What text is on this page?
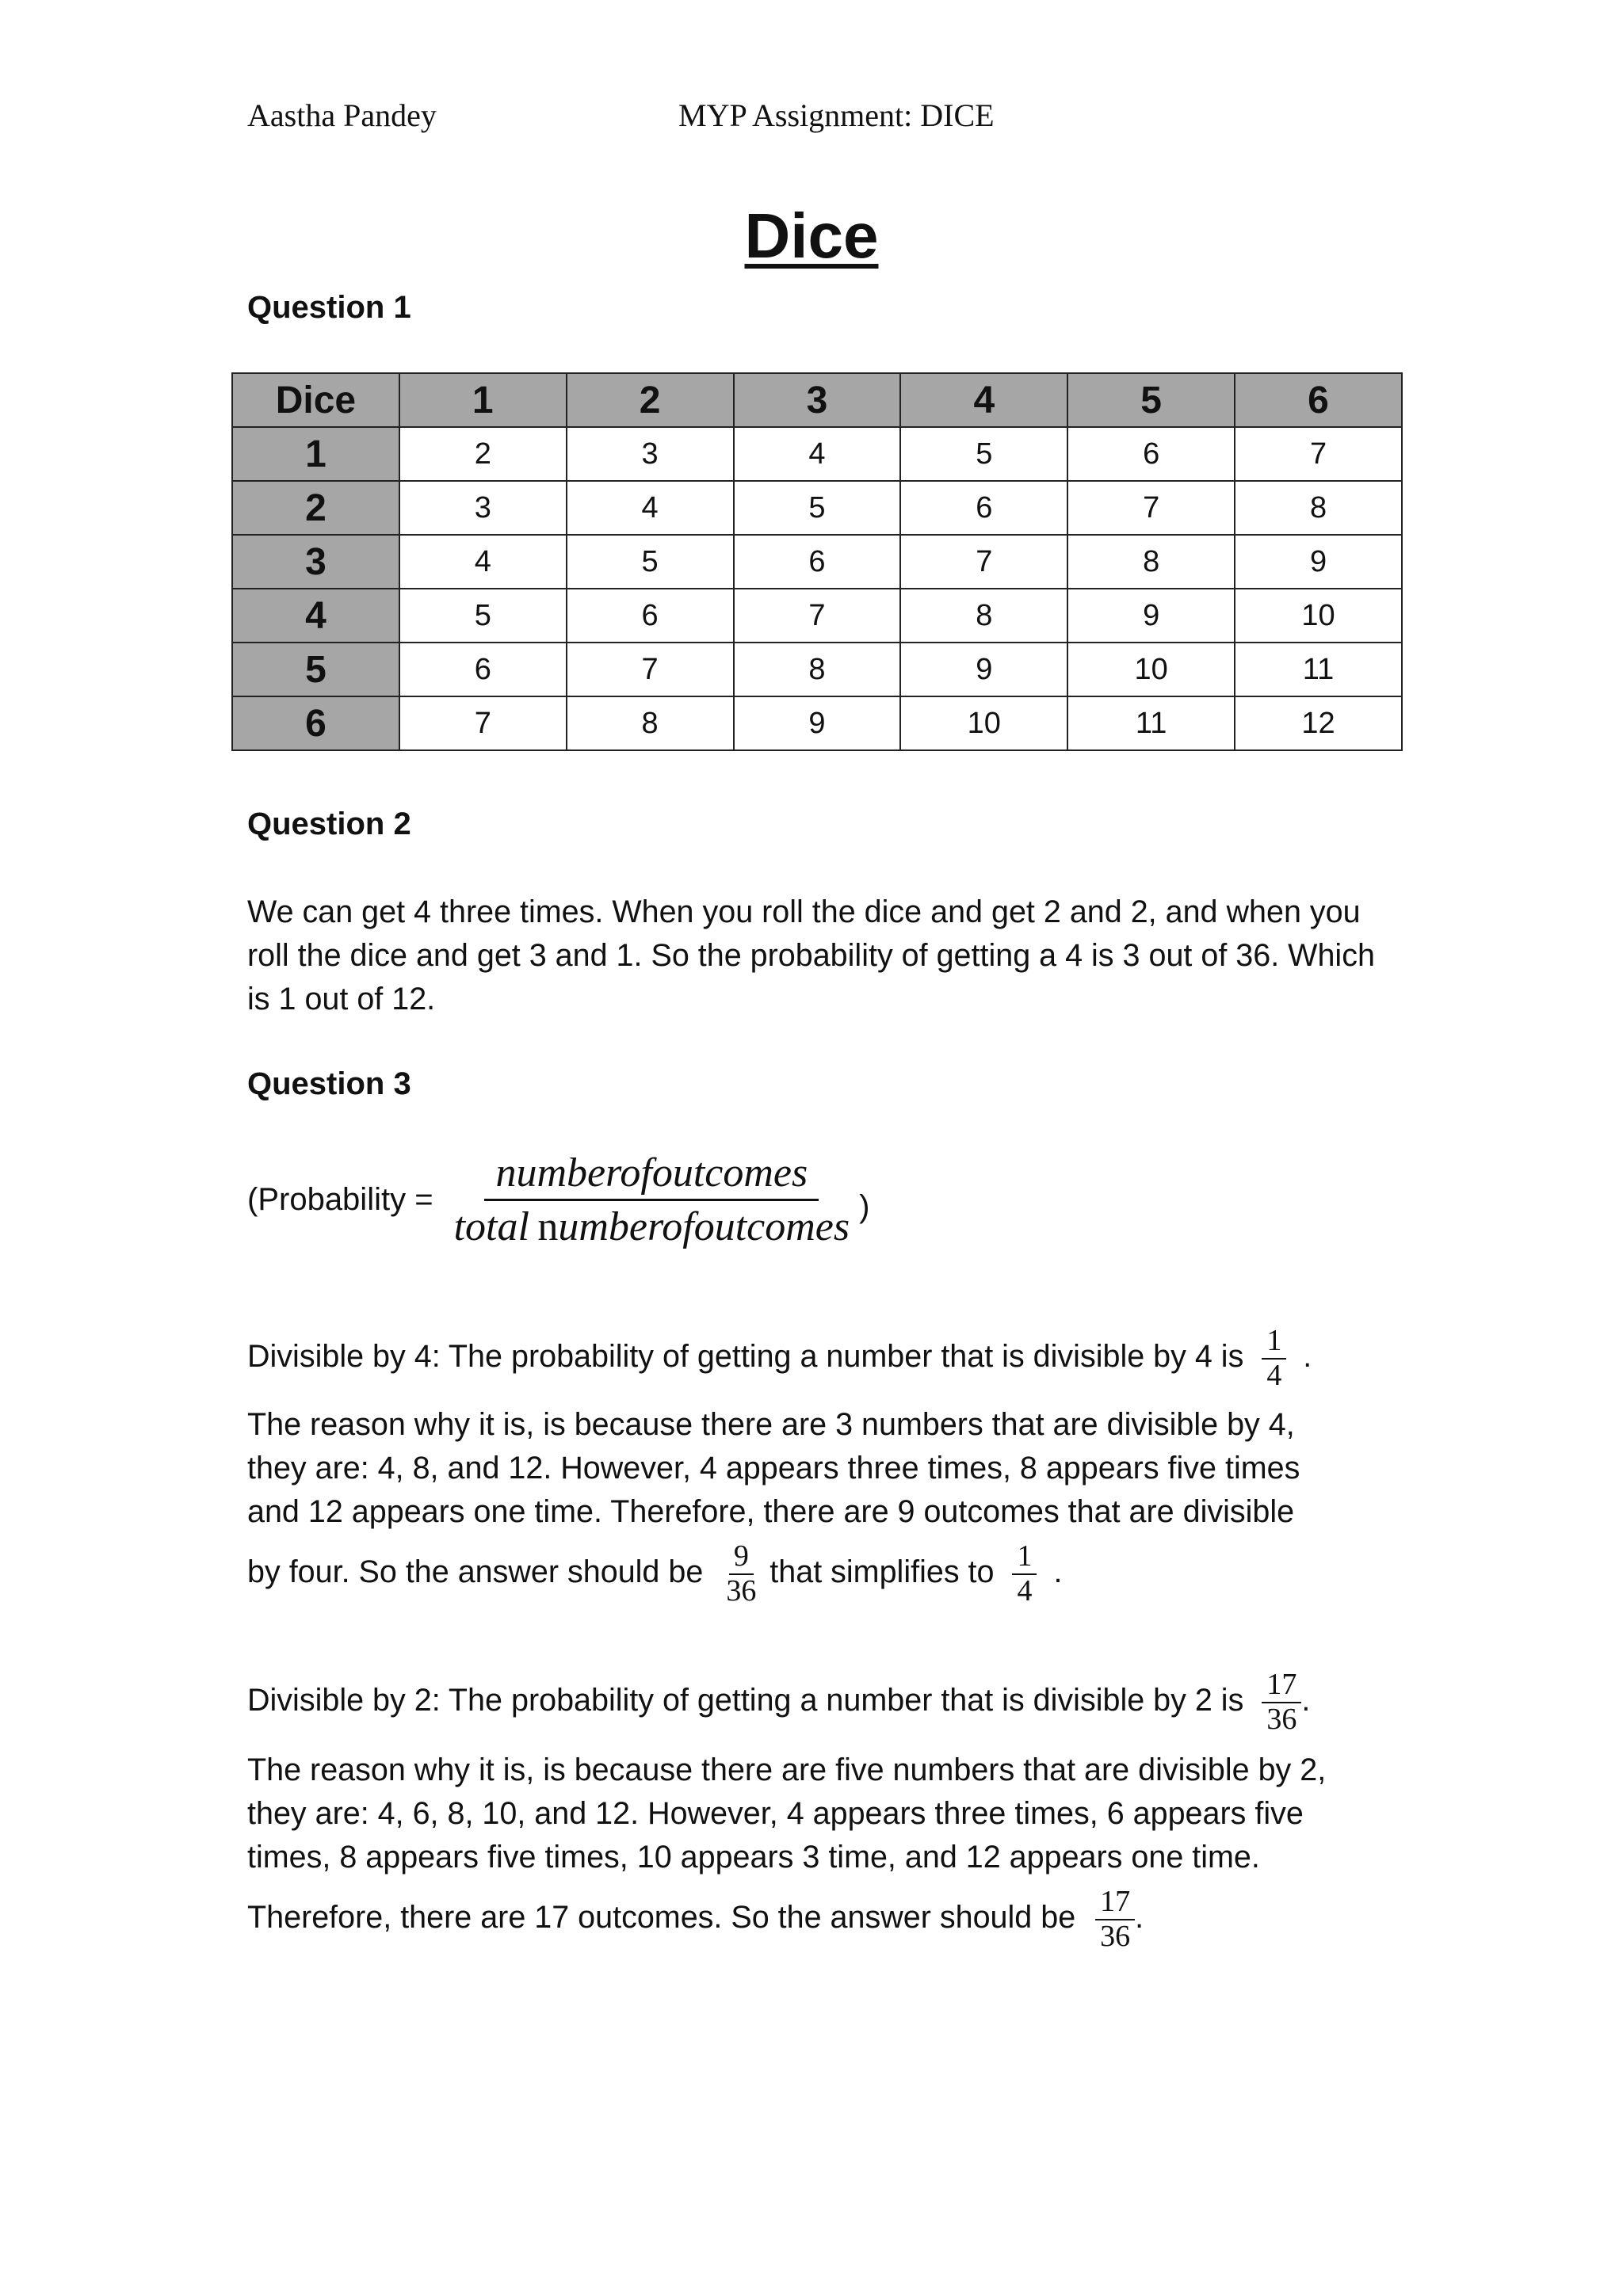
Aastha Pandey	MYP Assignment: DICE
Dice
Question 1
Dice	1	2	3	4	5	6
1	2	3	4	5	6	7
2	3	4	5	6	7	8
3	4	5	6	7	8	9
4	5	6	7	8	9	10
5	6	7	8	9	10	11
6	7	8	9	10	11	12
Question 2
We can get 4 three times. When you roll the dice and get 2 and 2, and when you roll the dice and get 3 and 1. So the probability of getting a 4 is 3 out of 36. Which is 1 out of 12.
Question 3
(Probability = $\frac{\text{numberofoutcomes}}{\text{total  numberofoutcomes}}$ )
Divisible by 4: The probability of getting a number that is divisible by 4 is $\frac{1}{4}$ .
The reason why it is, is because there are 3 numbers that are divisible by 4,
they are: 4, 8, and 12. However, 4 appears three times, 8 appears five times
and 12 appears one time. Therefore, there are 9 outcomes that are divisible
by four. So the answer should be $\frac{9}{36}$ that simplifies to $\frac{1}{4}$ .
Divisible by 2: The probability of getting a number that is divisible by 2 is $\frac{17}{36}$ .
The reason why it is, is because there are five numbers that are divisible by 2,
they are: 4, 6, 8, 10, and 12. However, 4 appears three times, 6 appears five
times, 8 appears five times, 10 appears 3 time, and 12 appears one time.
Therefore, there are 17 outcomes. So the answer should be $\frac{17}{36}$ .
